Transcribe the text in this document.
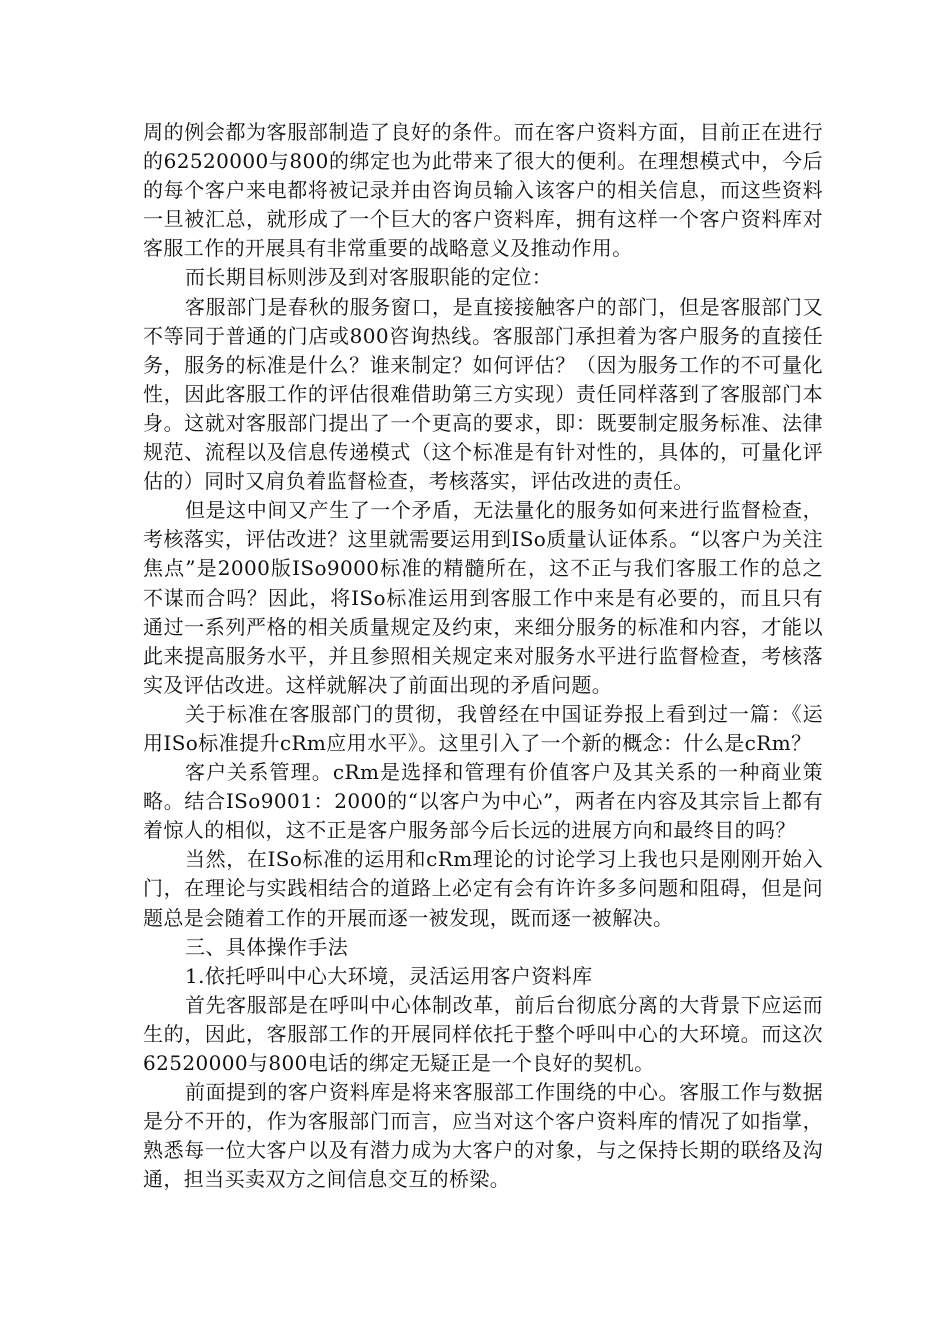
周的例会都为客服部制造了良好的条件。而在客户资料方面，目前正在进行的62520000与800的绑定也为此带来了很大的便利。在理想模式中，今后的每个客户来电都将被记录并由咨询员输入该客户的相关信息，而这些资料一旦被汇总，就形成了一个巨大的客户资料库，拥有这样一个客户资料库对客服工作的开展具有非常重要的战略意义及推动作用。

而长期目标则涉及到对客服职能的定位：

客服部门是春秋的服务窗口，是直接接触客户的部门，但是客服部门又不等同于普通的门店或800咨询热线。客服部门承担着为客户服务的直接任务，服务的标准是什么？谁来制定？如何评估？（因为服务工作的不可量化性，因此客服工作的评估很难借助第三方实现）责任同样落到了客服部门本身。这就对客服部门提出了一个更高的要求，即：既要制定服务标准、法律规范、流程以及信息传递模式（这个标准是有针对性的，具体的，可量化评估的）同时又肩负着监督检查，考核落实，评估改进的责任。

但是这中间又产生了一个矛盾，无法量化的服务如何来进行监督检查，考核落实，评估改进？这里就需要运用到ISo质量认证体系。“以客户为关注焦点”是2000版ISo9000标准的精髓所在，这不正与我们客服工作的总之不谋而合吗？因此，将ISo标准运用到客服工作中来是有必要的，而且只有通过一系列严格的相关质量规定及约束，来细分服务的标准和内容，才能以此来提高服务水平，并且参照相关规定来对服务水平进行监督检查，考核落实及评估改进。这样就解决了前面出现的矛盾问题。

关于标准在客服部门的贯彻，我曾经在中国证券报上看到过一篇：《运用ISo标准提升cRm应用水平》。这里引入了一个新的概念：什么是cRm？

客户关系管理。cRm是选择和管理有价值客户及其关系的一种商业策略。结合ISo9001：2000的“以客户为中心”，两者在内容及其宗旨上都有着惊人的相似，这不正是客户服务部今后长远的进展方向和最终目的吗？

当然，在ISo标准的运用和cRm理论的讨论学习上我也只是刚刚开始入门，在理论与实践相结合的道路上必定有会有许许多多问题和阻碍，但是问题总是会随着工作的开展而逐一被发现，既而逐一被解决。

三、具体操作手法

1.依托呼叫中心大环境，灵活运用客户资料库

首先客服部是在呼叫中心体制改革，前后台彻底分离的大背景下应运而生的，因此，客服部工作的开展同样依托于整个呼叫中心的大环境。而这次62520000与800电话的绑定无疑正是一个良好的契机。

前面提到的客户资料库是将来客服部工作围绕的中心。客服工作与数据是分不开的，作为客服部门而言，应当对这个客户资料库的情况了如指掌，熟悉每一位大客户以及有潜力成为大客户的对象，与之保持长期的联络及沟通，担当买卖双方之间信息交互的桥梁。
